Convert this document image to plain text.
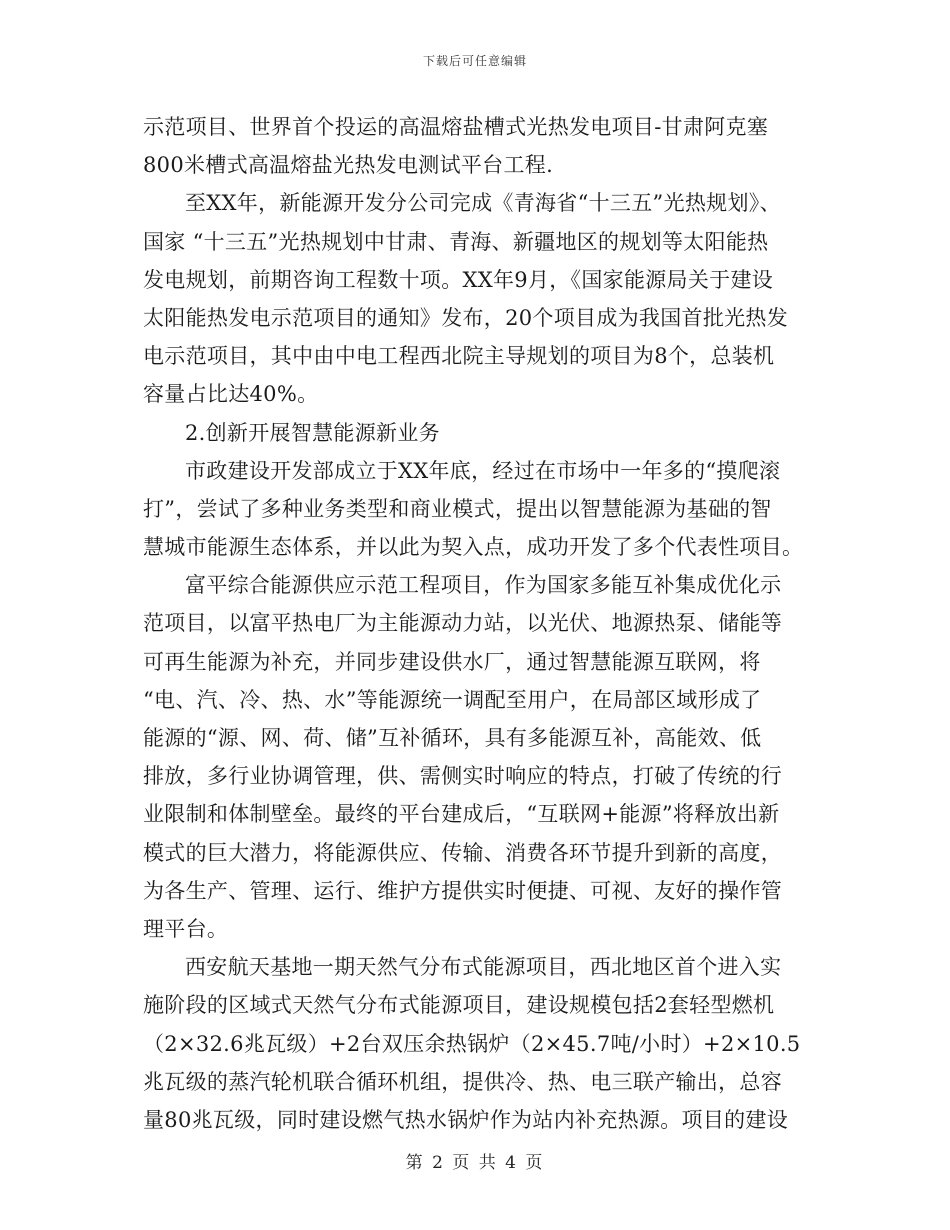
下载后可任意编辑
示范项目、世界首个投运的高温熔盐槽式光热发电项目-甘肃阿克塞
800米槽式高温熔盐光热发电测试平台工程.
至XX年，新能源开发分公司完成《青海省“十三五”光热规划》、
国家 “十三五”光热规划中甘肃、青海、新疆地区的规划等太阳能热
发电规划，前期咨询工程数十项。XX年9月，《国家能源局关于建设
太阳能热发电示范项目的通知》发布，20个项目成为我国首批光热发
电示范项目，其中由中电工程西北院主导规划的项目为8个，总装机
容量占比达40%。
2.创新开展智慧能源新业务
市政建设开发部成立于XX年底，经过在市场中一年多的“摸爬滚
打”，尝试了多种业务类型和商业模式，提出以智慧能源为基础的智
慧城市能源生态体系，并以此为契入点，成功开发了多个代表性项目。
富平综合能源供应示范工程项目，作为国家多能互补集成优化示
范项目，以富平热电厂为主能源动力站，以光伏、地源热泵、储能等
可再生能源为补充，并同步建设供水厂，通过智慧能源互联网，将
“电、汽、冷、热、水”等能源统一调配至用户，在局部区域形成了
能源的“源、网、荷、储”互补循环，具有多能源互补，高能效、低
排放，多行业协调管理，供、需侧实时响应的特点，打破了传统的行
业限制和体制壁垒。最终的平台建成后，“互联网+能源”将释放出新
模式的巨大潜力，将能源供应、传输、消费各环节提升到新的高度，
为各生产、管理、运行、维护方提供实时便捷、可视、友好的操作管
理平台。
西安航天基地一期天然气分布式能源项目，西北地区首个进入实
施阶段的区域式天然气分布式能源项目，建设规模包括2套轻型燃机
（2×32.6兆瓦级）+2台双压余热锅炉（2×45.7吨/小时）+2×10.5
兆瓦级的蒸汽轮机联合循环机组，提供冷、热、电三联产输出，总容
量80兆瓦级，同时建设燃气热水锅炉作为站内补充热源。项目的建设
第 2 页 共 4 页
